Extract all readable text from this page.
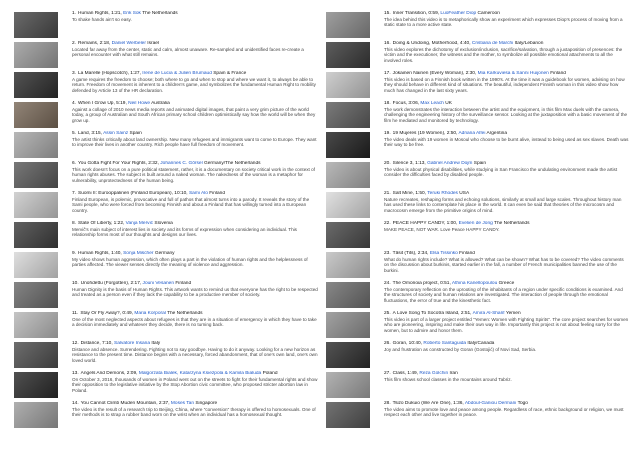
1. Human Rights, 1:21, Erik Sok The Netherlands
To shake hands ain't so easy.
2. Remains, 2:18, Daniel Werbeler Israel
Located far away from the center, static and calm, almost unaware. Re-sampled and unidentified faces re-create a personal encounter with what still remains.
3. La Marelle (Hopscotch), 1:27, Irene de Lucia & Julien Brumaud Spain & France
A game requires the freedom to choose; both where to go and when to stop and where we want it, to always be able to return. Freedom of movement is inherent to a children's game, and symbolizes the fundamental Human Right to mobility defended by Article 13 of the HR declaration.
4. When I Grow Up, 5:19, Neil Howe Australia
Against a collage of 2010 news media reports and animated digital images, that paint a very grim picture of the world today, a group of Australian and South African primary school children optimistically say how the world will be when they grow up.
5. Land, 3:15, Assin Sáinz Spain
The artist thinks critically about land ownership. New many refugees and immigrants want to come to Europe. They want to improve their lives in another country. Rich people have full freedom of movement.
6. You Gotta Fight For Your Rights, 2:32, Johannes C. Görsel Germany/The Netherlands
This work doesn't focus on a pure political statement, rather, it is a documentary on society critical work in the context of human rights abuses. The subject is built around a naked woman. The nakedness of the woman is a metaphor for vulnerability, unprotectedness of the human being.
7. Suomi II: Eurooppalinen (Finland European), 10:10, Sami Alo Finland
Finland European, is polemic, provocative and full of pathos that almost turns into a parody. It reveals the story of the Sami people, who were forced from becoming Finnish and about a Finland that has willingly turned into a European country.
8. State Of Liberty, 1:22, Vanja Mervič Slovenia
Mervič's main subject of interest lies in society and its forms of expression when considering an individual. This relationship forms most of our thoughts and designs our lives.
9. Human Rights, 1:40, Sonja Mischer Germany
My video shows human aggression, which often plays a part in the violation of human rights and the helplessness of parties affected. The viewer senses directly the meaning of violence and aggression.
10. Unohdettu (Forgotten), 2:17, Jouni Vesanen Finland
Human Dignity is the basis of Human Rights. This artwork wants to remind us that everyone has the right to be respected and treated as a person even if they lack the capability to be a productive member of society.
11. Stay Or Fly Away?, 0:49, Maria Korporal The Netherlands
One of the most neglected aspects about refugees is that they are in a situation of emergency in which they have to take a decision immediately and whatever they decide, there is no turning back.
12. Distance, 7:10, Salvatore Insana Italy
Distance and absence. Surrendering. Fighting not to say goodbye. Having to do it anyway. Looking for a new horizon as resistance to the present time. Distance begins with a necessary, forced abandonment, that of one's own land, one's own loved world.
13. Angels And Demons, 2:09, Malgorzata Bialek, Katarzyna Ksiezpola & Kamila Bialuda Poland
On October 3, 2016, thousands of women in Poland went out on the streets to fight for their fundamental rights and show their opposition to the legislative initiative by the Stop Abortion civic committee, who proposed stricter abortion law in Poland.
14. You Cannot Climb Muden Mountain, 2:37, Moses Tan Singapore
The video is the result of a research trip to Beijing, China, where "conversion" therapy is offered to homosexuals. One of their methods is to strap a rubber band worn on the wrist when an individual has a homosexual thought.
15. Inner Transition, 0:59, LuoFeather Diop Cameroon
The idea behind this video is to metaphorically show an experiment which expresses Diop's process of moving from a static state to a more active state.
16. Doing & Undoing, Motherhood, 4:40, Cristiana de Marchi Italy/Lebanon
This video explores the dichotomy of exclusion/inclusion, sacrifice/salvation, through a juxtaposition of presences: the victim and the executioner, the witness and the mother, to symbolize all possible emotional attachments to all the involved roles.
17. Jokainen Nainen (Every Woman), 2:30, Mia Karkuviesa & Sanni Huijonen Finland
This video is based on a Finnish book written in the 1990's. At the time it was a guidebook for women, advising on how they should behave in different kind of situations. The beautiful, independent Finnish woman in this video show how much has changed in the last sixty years.
18. Focus, 3:06, Max Leach UK
The work demonstrates the interaction between the artist and the equipment, in this film Max duels with the camera, challenging the engineering history of the surveillance sensor. Looking at the juxtaposition with a basic movement of the film he mediated and monitored by technology.
19. 19 Mujeres (19 Women), 2:50, Adriana Alfei Argentina
The video deals with 19 women in Mosoul who choose to be burnt alive, instead to being used as sex slaves. Death was their way to be free.
20. Silence 3, 1:13, Gabriel Andrew Dojm Spain
The video is about physical disabilities, while studying in San Francisco the undulating environment made the artist consider the difficulties faced by disabled people.
21. Salt Mine, 1:50, Teruki Rhodes USA
Nature recreates, reshaping forms and echoing solutions, similarly at small and large scales. Throughout history man has used these links to contemplate his place in the world. It can even be said that theories of the microcosm and macrocosm emerge from the primitive origins of mind.
22. PEACE HAPPY CANDY, 1:00, Evelien de Jong The Netherlands
MAKE PEACE, NOT WAR. Love Peace HAPPY CANDY.
23. Täsit (Tits), 2:34, Elsa Tissinko Finland
What do human rights include? What is allowed? What can be shown? What has to be covered? The video comments on the discussion about burkinis, started earlier in the fall, a number of French municipalities banned the use of the burkini.
24. The Omonoia project, 0:51, Athina Kanellopoulou Greece
The contemporary reflection on the uprooting of the inhabitants of a region under specific conditions is examined. And the structures of society and human relations are investigated. The interaction of people through the emotional fluctuations, the error of true and the kinesthetic fact.
25. A Love Song To Socotra Island, 2:51, Amira Al-Sharif Yemen
This video is part of a larger project entitled "Yemen: Women with Fighting Spirits". The core project searches for women who are pioneering, inspiring and make their own way in life. Importantly this project is not about feeling sorry for the women, but to admire and honor them.
26. Goran, 10:40, Roberto Santaguida Italy/Canada
Joy and frustration as constructed by Goran (Gostojić) of Novi Sad, Serbia.
27. Class, 1:49, Reza Golchin Iran
This film shows school classes in the mountains around Tabriz.
28. Tsizo Dukuio (We Are One), 1:36, Abdoul-Ganiou Dermani Togo
The video aims to promote love and peace among people. Regardless of race, ethnic background or religion, we must respect each other and live together in peace.
